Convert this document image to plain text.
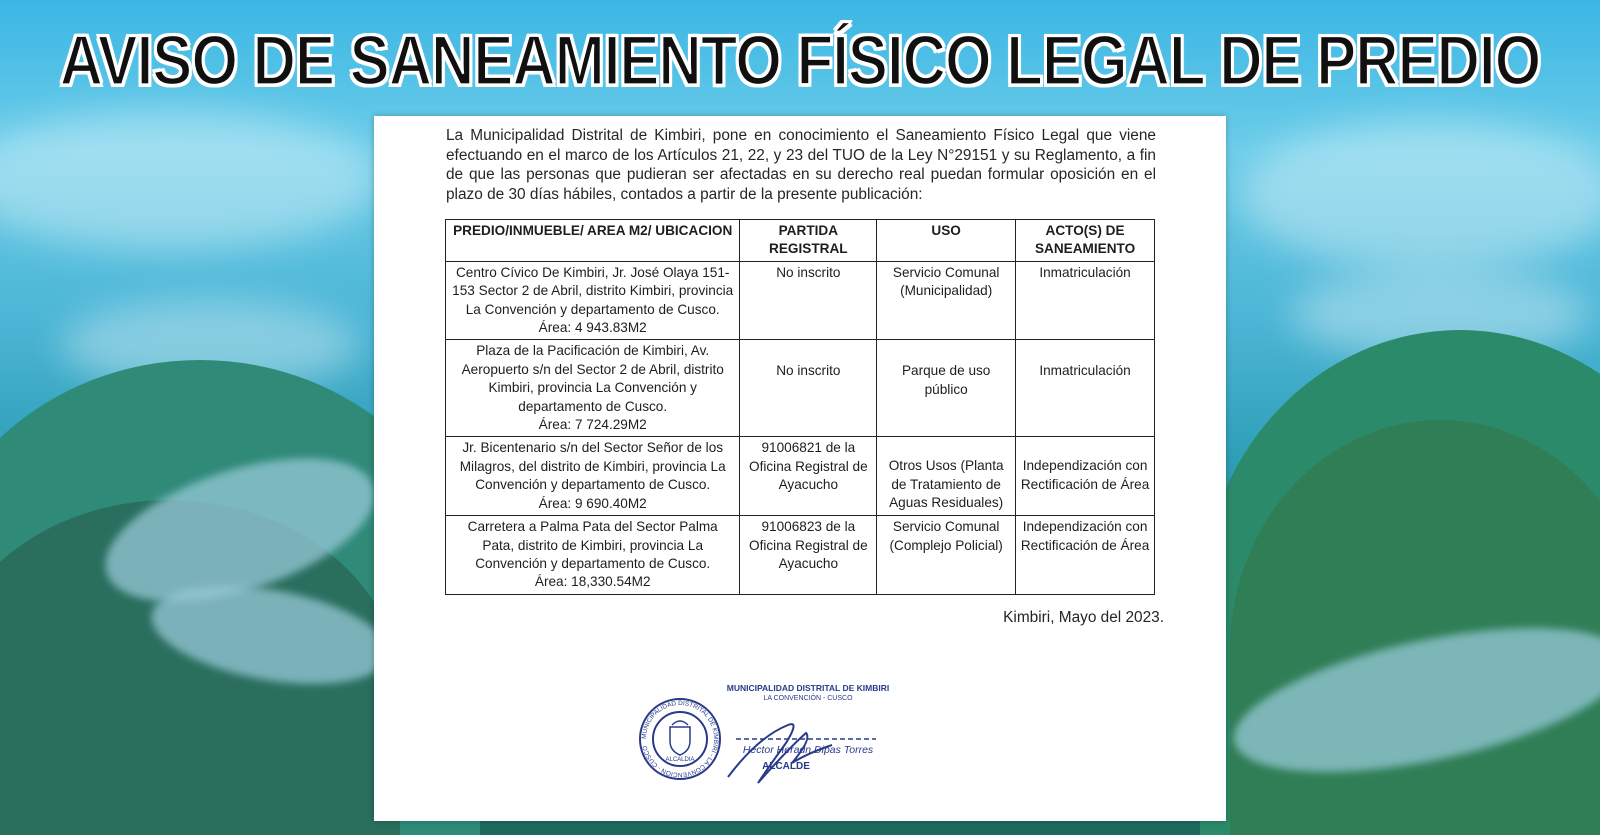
AVISO DE SANEAMIENTO FÍSICO LEGAL DE PREDIO
La Municipalidad Distrital de Kimbiri, pone en conocimiento el Saneamiento Físico Legal que viene efectuando en el marco de los Artículos 21, 22, y 23 del TUO de la Ley N°29151 y su Reglamento, a fin de que las personas que pudieran ser afectadas en su derecho real puedan formular oposición en el plazo de 30 días hábiles, contados a partir de la presente publicación:
PREDIO/INMUEBLE/ AREA M2/ UBICACION	PARTIDA REGISTRAL	USO	ACTO(S) DE SANEAMIENTO
Centro Cívico De Kimbiri, Jr. José Olaya 151-153 Sector 2 de Abril, distrito Kimbiri, provincia La Convención y departamento de Cusco.
Área: 4 943.83M2	No inscrito	Servicio Comunal (Municipalidad)	Inmatriculación
Plaza de la Pacificación de Kimbiri, Av. Aeropuerto s/n del Sector 2 de Abril, distrito Kimbiri, provincia La Convención y departamento de Cusco.
Área: 7 724.29M2	No inscrito	Parque de uso público	Inmatriculación
Jr. Bicentenario s/n del Sector Señor de los Milagros, del distrito de Kimbiri, provincia La Convención y departamento de Cusco.
Área: 9 690.40M2	91006821 de la Oficina Registral de Ayacucho	Otros Usos (Planta de Tratamiento de Aguas Residuales)	Independización con Rectificación de Área
Carretera a Palma Pata del Sector Palma Pata, distrito de Kimbiri, provincia La Convención y departamento de Cusco.
Área: 18,330.54M2	91006823 de la Oficina Registral de Ayacucho	Servicio Comunal (Complejo Policial)	Independización con Rectificación de Área
Kimbiri, Mayo del 2023.
ALCALDIA
MUNICIPALIDAD DISTRITAL DE KIMBIRI - LA CONVENCIÓN - CUSCO
MUNICIPALIDAD DISTRITAL DE KIMBIRI
LA CONVENCIÓN - CUSCO
Hector Heradn Dipas Torres
ALCALDE
